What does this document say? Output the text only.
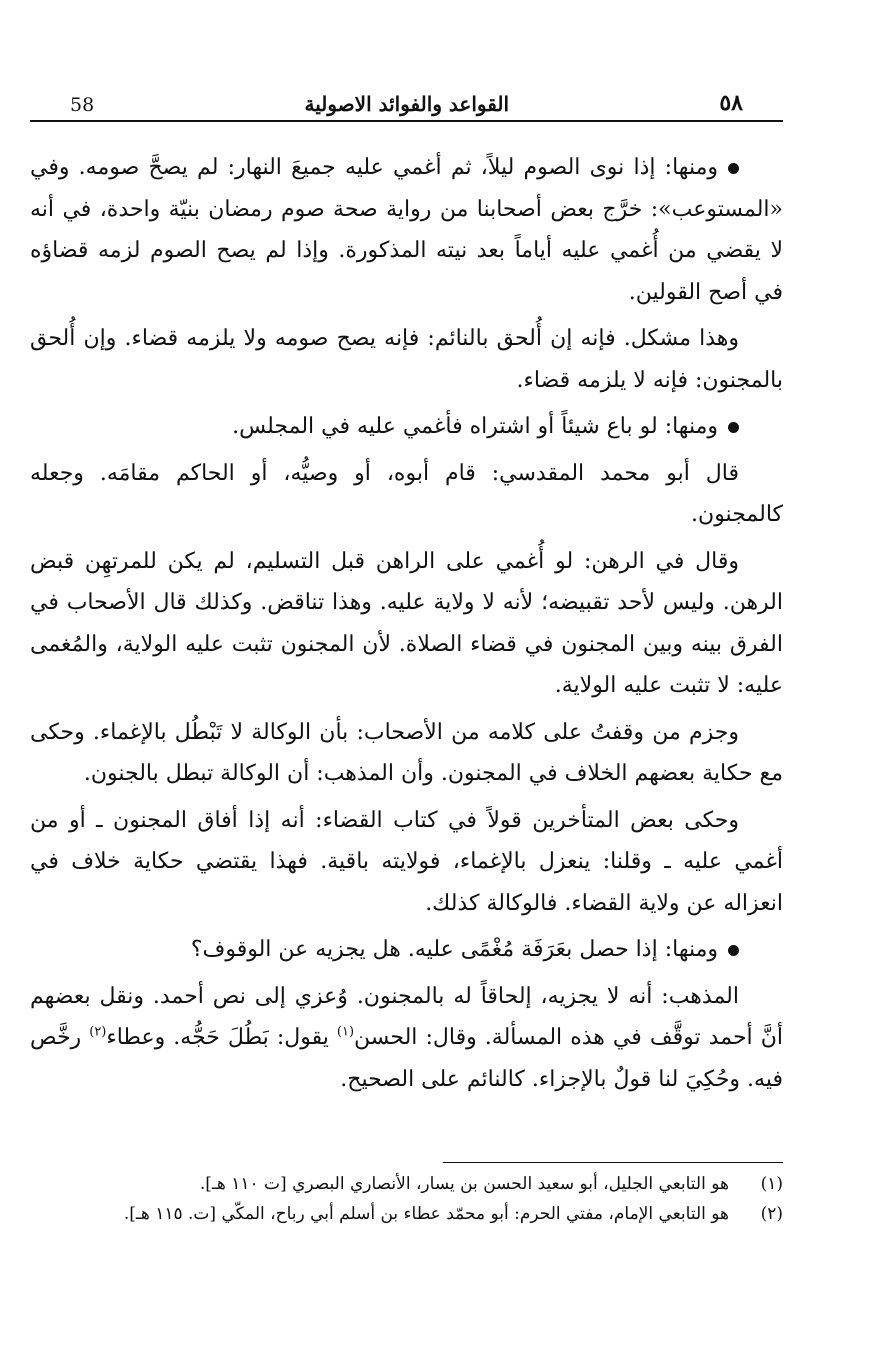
58	القواعد والفوائد الاصولية	٥٨

ومنها: إذا نوى الصوم ليلاً، ثم أغمي عليه جميعَ النهار: لم يصحَّ صومه. وفي «المستوعب»: خرَّج بعض أصحابنا من رواية صحة صوم رمضان بنيّة واحدة، في أنه لا يقضي من أُغمي عليه أياماً بعد نيته المذكورة. وإذا لم يصح الصوم لزمه قضاؤه في أصح القولين.

وهذا مشكل. فإنه إن أُلحق بالنائم: فإنه يصح صومه ولا يلزمه قضاء. وإن أُلحق بالمجنون: فإنه لا يلزمه قضاء.

ومنها: لو باع شيئاً أو اشتراه فأغمي عليه في المجلس.

قال أبو محمد المقدسي: قام أبوه، أو وصيُّه، أو الحاكم مقامَه. وجعله كالمجنون.

وقال في الرهن: لو أُغمي على الراهن قبل التسليم، لم يكن للمرتهِن قبض الرهن. وليس لأحد تقبيضه؛ لأنه لا ولاية عليه. وهذا تناقض. وكذلك قال الأصحاب في الفرق بينه وبين المجنون في قضاء الصلاة. لأن المجنون تثبت عليه الولاية، والمُغمى عليه: لا تثبت عليه الولاية.

وجزم من وقفتُ على كلامه من الأصحاب: بأن الوكالة لا تَبْطُل بالإغماء. وحكى مع حكاية بعضهم الخلاف في المجنون. وأن المذهب: أن الوكالة تبطل بالجنون.

وحكى بعض المتأخرين قولاً في كتاب القضاء: أنه إذا أفاق المجنون ـ أو من أغمي عليه ـ وقلنا: ينعزل بالإغماء، فولايته باقية. فهذا يقتضي حكاية خلاف في انعزاله عن ولاية القضاء. فالوكالة كذلك.

ومنها: إذا حصل بعَرَفَة مُغْمًى عليه. هل يجزيه عن الوقوف؟

المذهب: أنه لا يجزيه، إلحاقاً له بالمجنون. وُعزي إلى نص أحمد. ونقل بعضهم أنَّ أحمد توقَّف في هذه المسألة. وقال: الحسن$^{(١)}$ يقول: بَطُلَ حَجُّه. وعطاء$^{(٢)}$ رخَّص فيه. وحُكِيَ لنا قولٌ بالإجزاء. كالنائم على الصحيح.

(١)
هو التابعي الجليل، أبو سعيد الحسن بن يسار، الأنصاري البصري [ت ١١٠ هـ].
(٢)
هو التابعي الإمام، مفتي الحرم: أبو محمّد عطاء بن أسلم أبي رباح، المكّي [ت. ١١٥ هـ].
